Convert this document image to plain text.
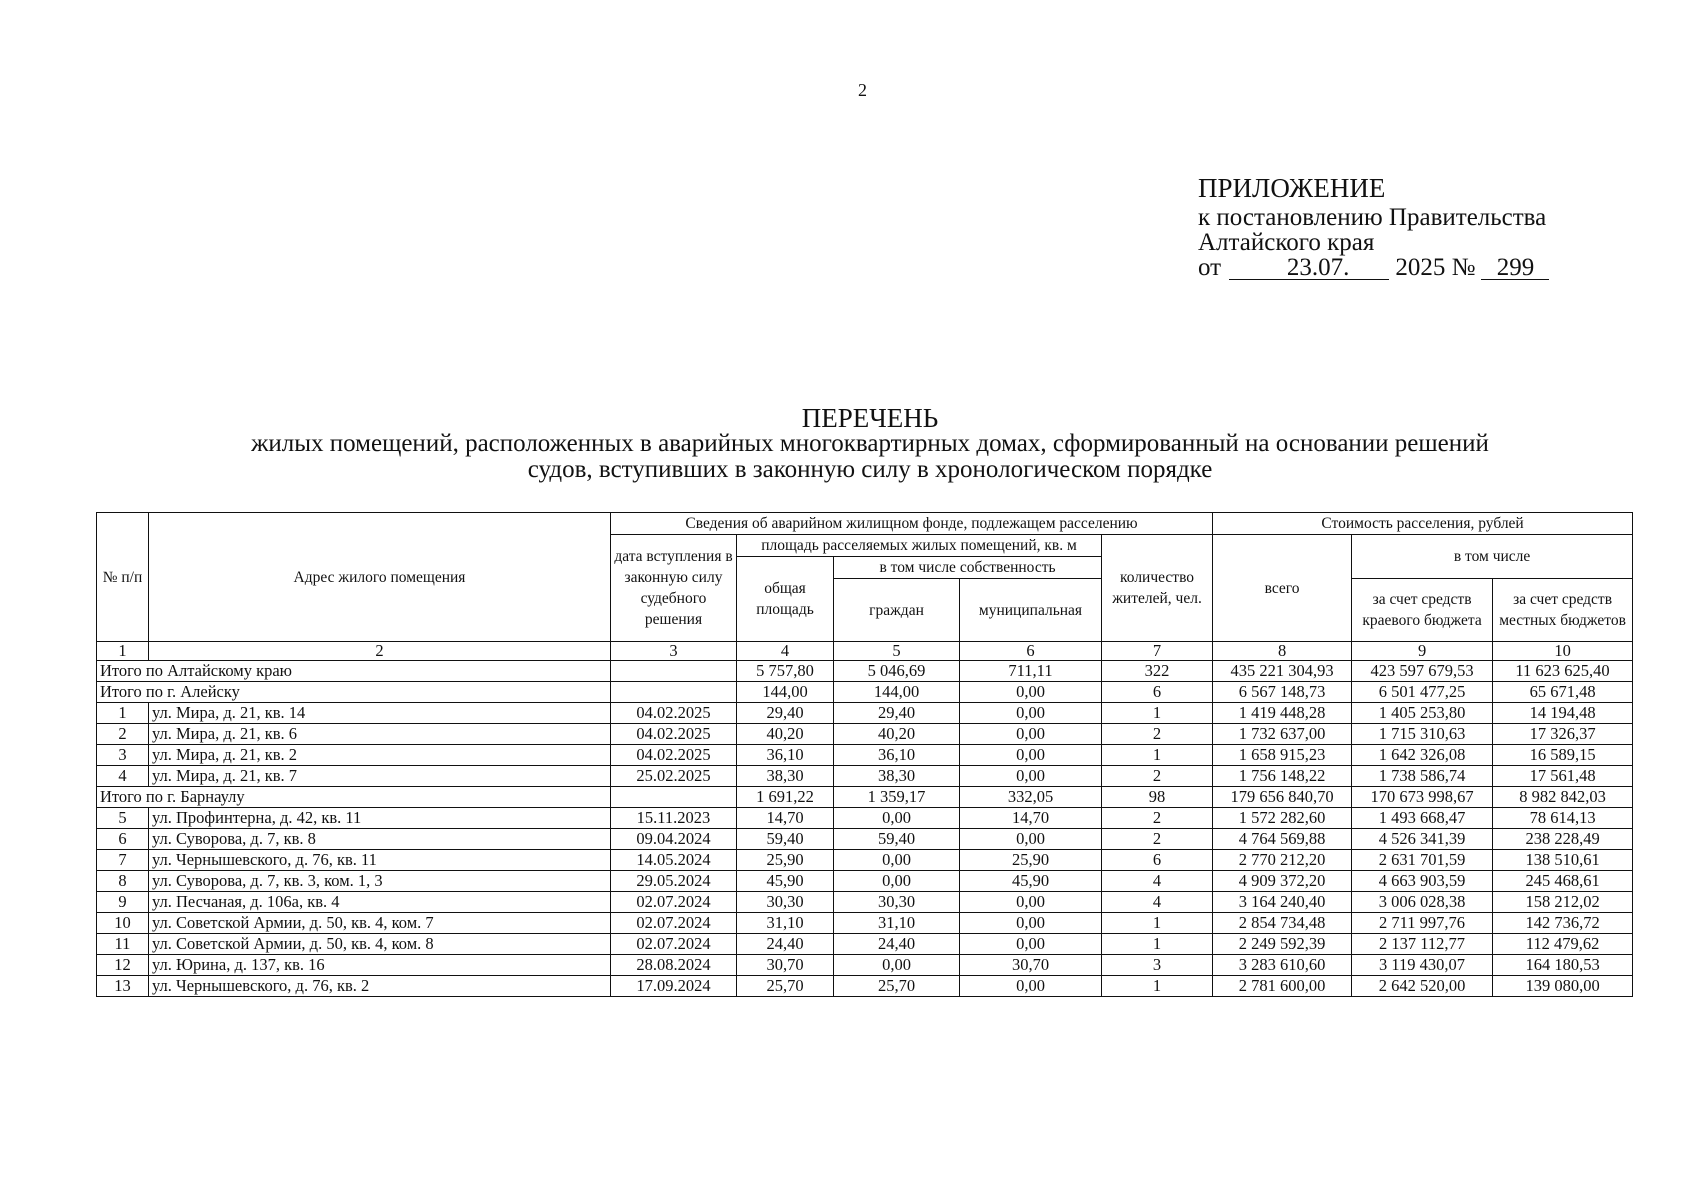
2
ПРИЛОЖЕНИЕ
к постановлению Правительства
Алтайского края
от	23.07. 2025 № 299
ПЕРЕЧЕНЬ
жилых помещений, расположенных в аварийных многоквартирных домах, сформированный на основании решений
судов, вступивших в законную силу в хронологическом порядке
№ п/п	Адрес жилого помещения	Сведения об аварийном жилищном фонде, подлежащем расселению					Стоимость расселения, рублей		
		дата вступления в законную силу судебного решения	площадь расселяемых жилых помещений, кв. м			количество жителей, чел.	всего	в том числе	
			общая площадь	в том числе собственность					
				граждан	муниципальная			за счет средств краевого бюджета	за счет средств местных бюджетов
1	2	3	4	5	6	7	8	9	10
Итого по Алтайскому краю			5 757,80	5 046,69	711,11	322	435 221 304,93	423 597 679,53	11 623 625,40
Итого по г. Алейску			144,00	144,00	0,00	6	6 567 148,73	6 501 477,25	65 671,48
1	ул. Мира, д. 21, кв. 14	04.02.2025	29,40	29,40	0,00	1	1 419 448,28	1 405 253,80	14 194,48
2	ул. Мира, д. 21, кв. 6	04.02.2025	40,20	40,20	0,00	2	1 732 637,00	1 715 310,63	17 326,37
3	ул. Мира, д. 21, кв. 2	04.02.2025	36,10	36,10	0,00	1	1 658 915,23	1 642 326,08	16 589,15
4	ул. Мира, д. 21, кв. 7	25.02.2025	38,30	38,30	0,00	2	1 756 148,22	1 738 586,74	17 561,48
Итого по г. Барнаулу			1 691,22	1 359,17	332,05	98	179 656 840,70	170 673 998,67	8 982 842,03
5	ул. Профинтерна, д. 42, кв. 11	15.11.2023	14,70	0,00	14,70	2	1 572 282,60	1 493 668,47	78 614,13
6	ул. Суворова, д. 7, кв. 8	09.04.2024	59,40	59,40	0,00	2	4 764 569,88	4 526 341,39	238 228,49
7	ул. Чернышевского, д. 76, кв. 11	14.05.2024	25,90	0,00	25,90	6	2 770 212,20	2 631 701,59	138 510,61
8	ул. Суворова, д. 7, кв. 3, ком. 1, 3	29.05.2024	45,90	0,00	45,90	4	4 909 372,20	4 663 903,59	245 468,61
9	ул. Песчаная, д. 106а, кв. 4	02.07.2024	30,30	30,30	0,00	4	3 164 240,40	3 006 028,38	158 212,02
10	ул. Советской Армии, д. 50, кв. 4, ком. 7	02.07.2024	31,10	31,10	0,00	1	2 854 734,48	2 711 997,76	142 736,72
11	ул. Советской Армии, д. 50, кв. 4, ком. 8	02.07.2024	24,40	24,40	0,00	1	2 249 592,39	2 137 112,77	112 479,62
12	ул. Юрина, д. 137, кв. 16	28.08.2024	30,70	0,00	30,70	3	3 283 610,60	3 119 430,07	164 180,53
13	ул. Чернышевского, д. 76, кв. 2	17.09.2024	25,70	25,70	0,00	1	2 781 600,00	2 642 520,00	139 080,00
